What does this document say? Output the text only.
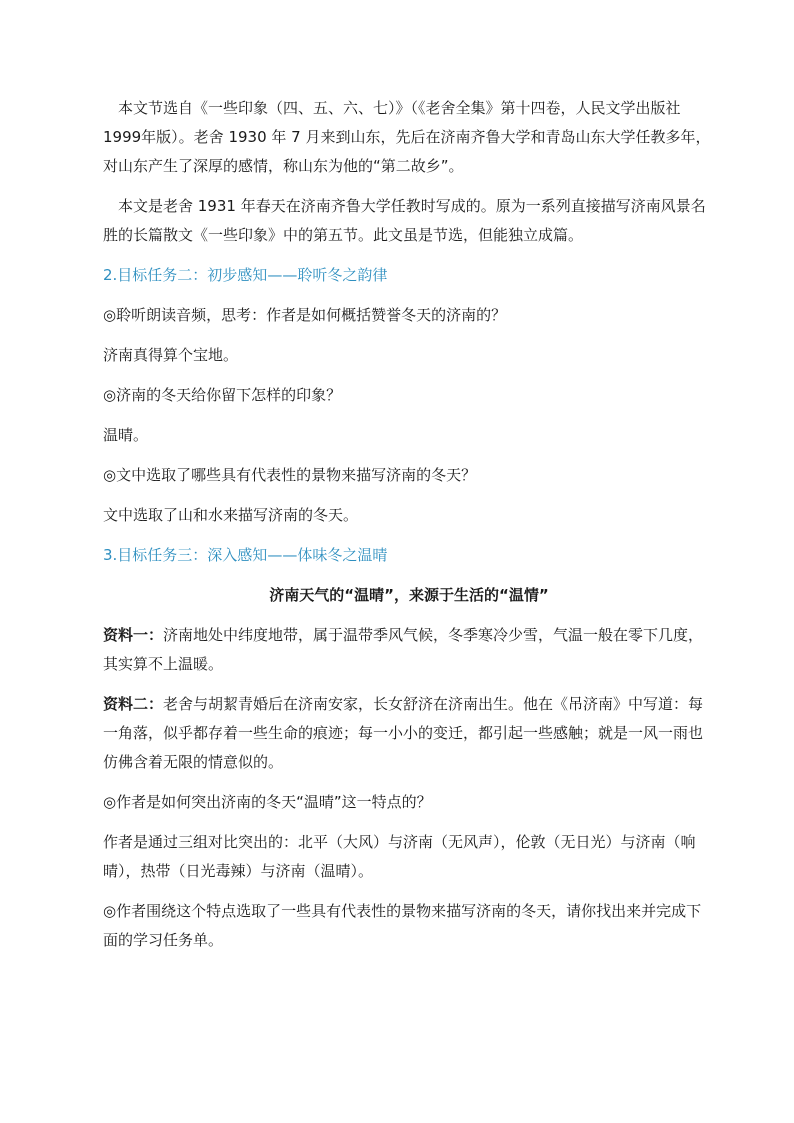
本文节选自《一些印象（四、五、六、七）》（《老舍全集》第十四卷，人民文学出版社1999年版）。老舍 1930 年 7 月来到山东，先后在济南齐鲁大学和青岛山东大学任教多年，对山东产生了深厚的感情，称山东为他的“第二故乡”。

本文是老舍 1931 年春天在济南齐鲁大学任教时写成的。原为一系列直接描写济南风景名胜的长篇散文《一些印象》中的第五节。此文虽是节选，但能独立成篇。

2.目标任务二：初步感知——聆听冬之韵律

◎聆听朗读音频，思考：作者是如何概括赞誉冬天的济南的？

济南真得算个宝地。

◎济南的冬天给你留下怎样的印象？

温晴。

◎文中选取了哪些具有代表性的景物来描写济南的冬天？

文中选取了山和水来描写济南的冬天。

3.目标任务三：深入感知——体味冬之温晴

济南天气的“温晴”，来源于生活的“温情”

资料一：济南地处中纬度地带，属于温带季风气候，冬季寒冷少雪，气温一般在零下几度，其实算不上温暖。

资料二：老舍与胡絜青婚后在济南安家，长女舒济在济南出生。他在《吊济南》中写道：每一角落，似乎都存着一些生命的痕迹；每一小小的变迁，都引起一些感触；就是一风一雨也仿佛含着无限的情意似的。

◎作者是如何突出济南的冬天“温晴”这一特点的？

作者是通过三组对比突出的：北平（大风）与济南（无风声），伦敦（无日光）与济南（响晴），热带（日光毒辣）与济南（温晴）。

◎作者围绕这个特点选取了一些具有代表性的景物来描写济南的冬天，请你找出来并完成下面的学习任务单。
